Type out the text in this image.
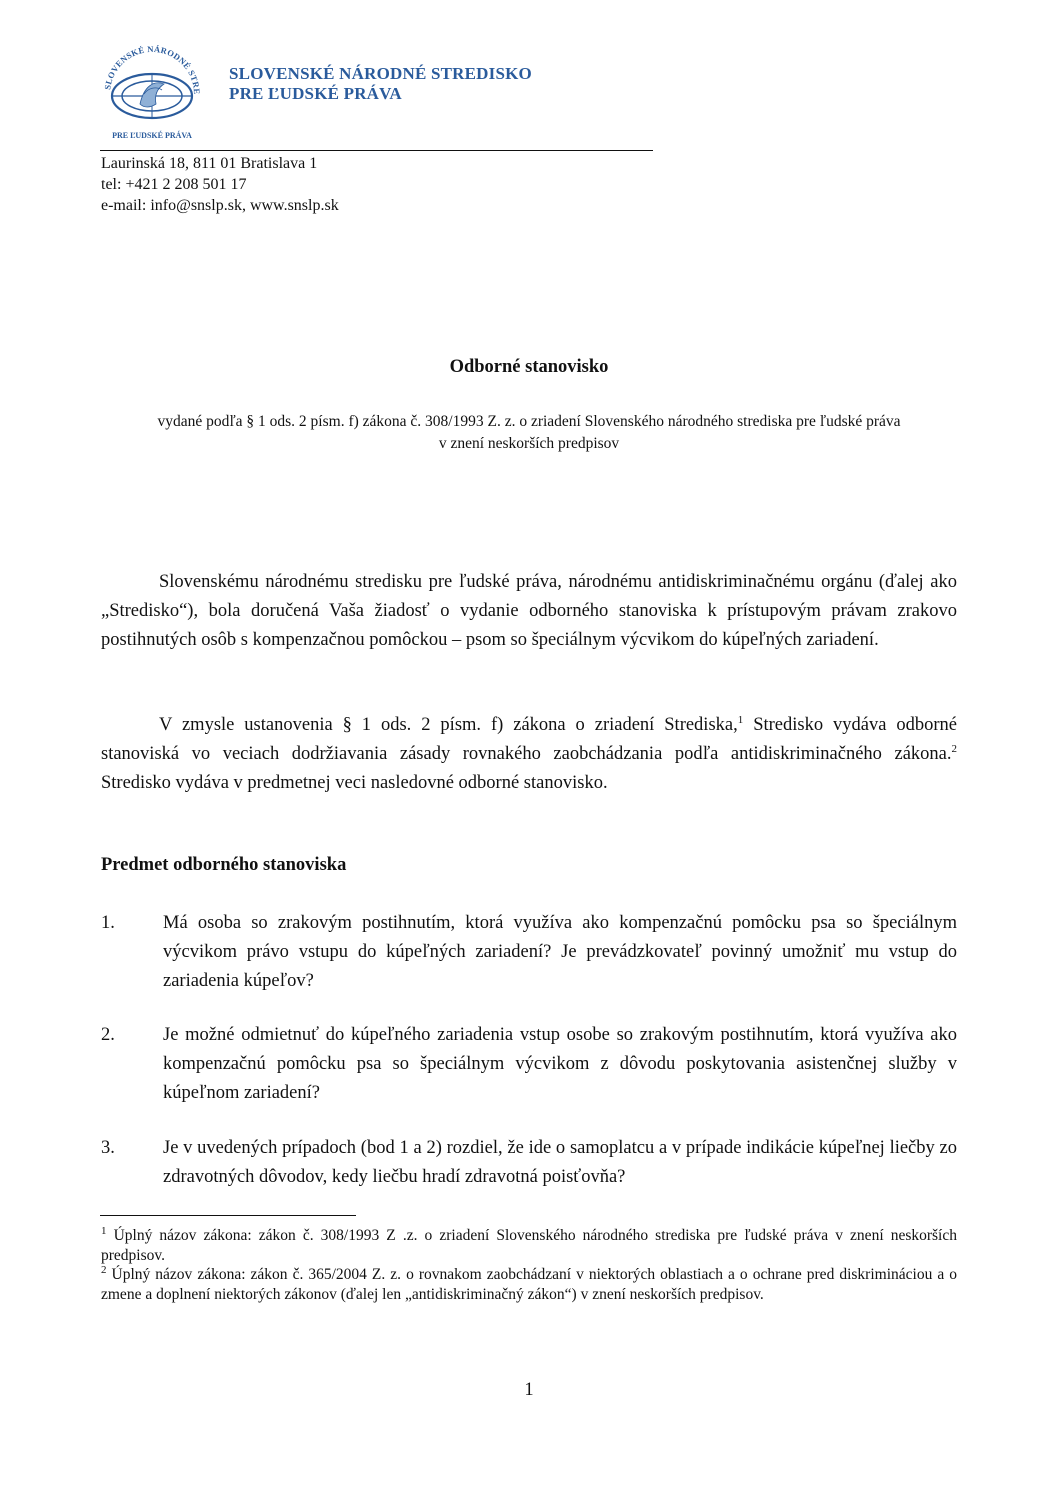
SLOVENSKÉ NÁRODNÉ STRE
PRE ĽUDSKÉ PRÁVA
SLOVENSKÉ NÁRODNÉ STREDISKO
PRE ĽUDSKÉ PRÁVA
Laurinská 18, 811 01 Bratislava 1
tel: +421 2 208 501 17
e-mail: info@snslp.sk, www.snslp.sk
Odborné stanovisko
vydané podľa § 1 ods. 2 písm. f) zákona č. 308/1993 Z. z. o zriadení Slovenského národného strediska pre ľudské práva
v znení neskorších predpisov
Slovenskému národnému stredisku pre ľudské práva, národnému antidiskriminačnému orgánu (ďalej ako „Stredisko“), bola doručená Vaša žiadosť o vydanie odborného stanoviska k prístupovým právam zrakovo postihnutých osôb s kompenzačnou pomôckou – psom so špeciálnym výcvikom do kúpeľných zariadení.
V zmysle ustanovenia § 1 ods. 2 písm. f) zákona o zriadení Strediska,$^1$ Stredisko vydáva odborné stanoviská vo veciach dodržiavania zásady rovnakého zaobchádzania podľa antidiskriminačného zákona.$^2$ Stredisko vydáva v predmetnej veci nasledovné odborné stanovisko.
Predmet odborného stanoviska
1.	Má osoba so zrakovým postihnutím, ktorá využíva ako kompenzačnú pomôcku psa so špeciálnym výcvikom právo vstupu do kúpeľných zariadení? Je prevádzkovateľ povinný umožniť mu vstup do zariadenia kúpeľov?
2.	Je možné odmietnuť do kúpeľného zariadenia vstup osobe so zrakovým postihnutím, ktorá využíva ako kompenzačnú pomôcku psa so špeciálnym výcvikom z dôvodu poskytovania asistenčnej služby v kúpeľnom zariadení?
3.	Je v uvedených prípadoch (bod 1 a 2) rozdiel, že ide o samoplatcu a v prípade indikácie kúpeľnej liečby zo zdravotných dôvodov, kedy liečbu hradí zdravotná poisťovňa?

$^1$ Úplný názov zákona: zákon č. 308/1993 Z .z. o zriadení Slovenského národného strediska pre ľudské práva v znení neskorších predpisov.

$^2$ Úplný názov zákona: zákon č. 365/2004 Z. z. o rovnakom zaobchádzaní v niektorých oblastiach a o ochrane pred diskrimináciou a o zmene a doplnení niektorých zákonov (ďalej len „antidiskriminačný zákon“) v znení neskorších predpisov.

1
